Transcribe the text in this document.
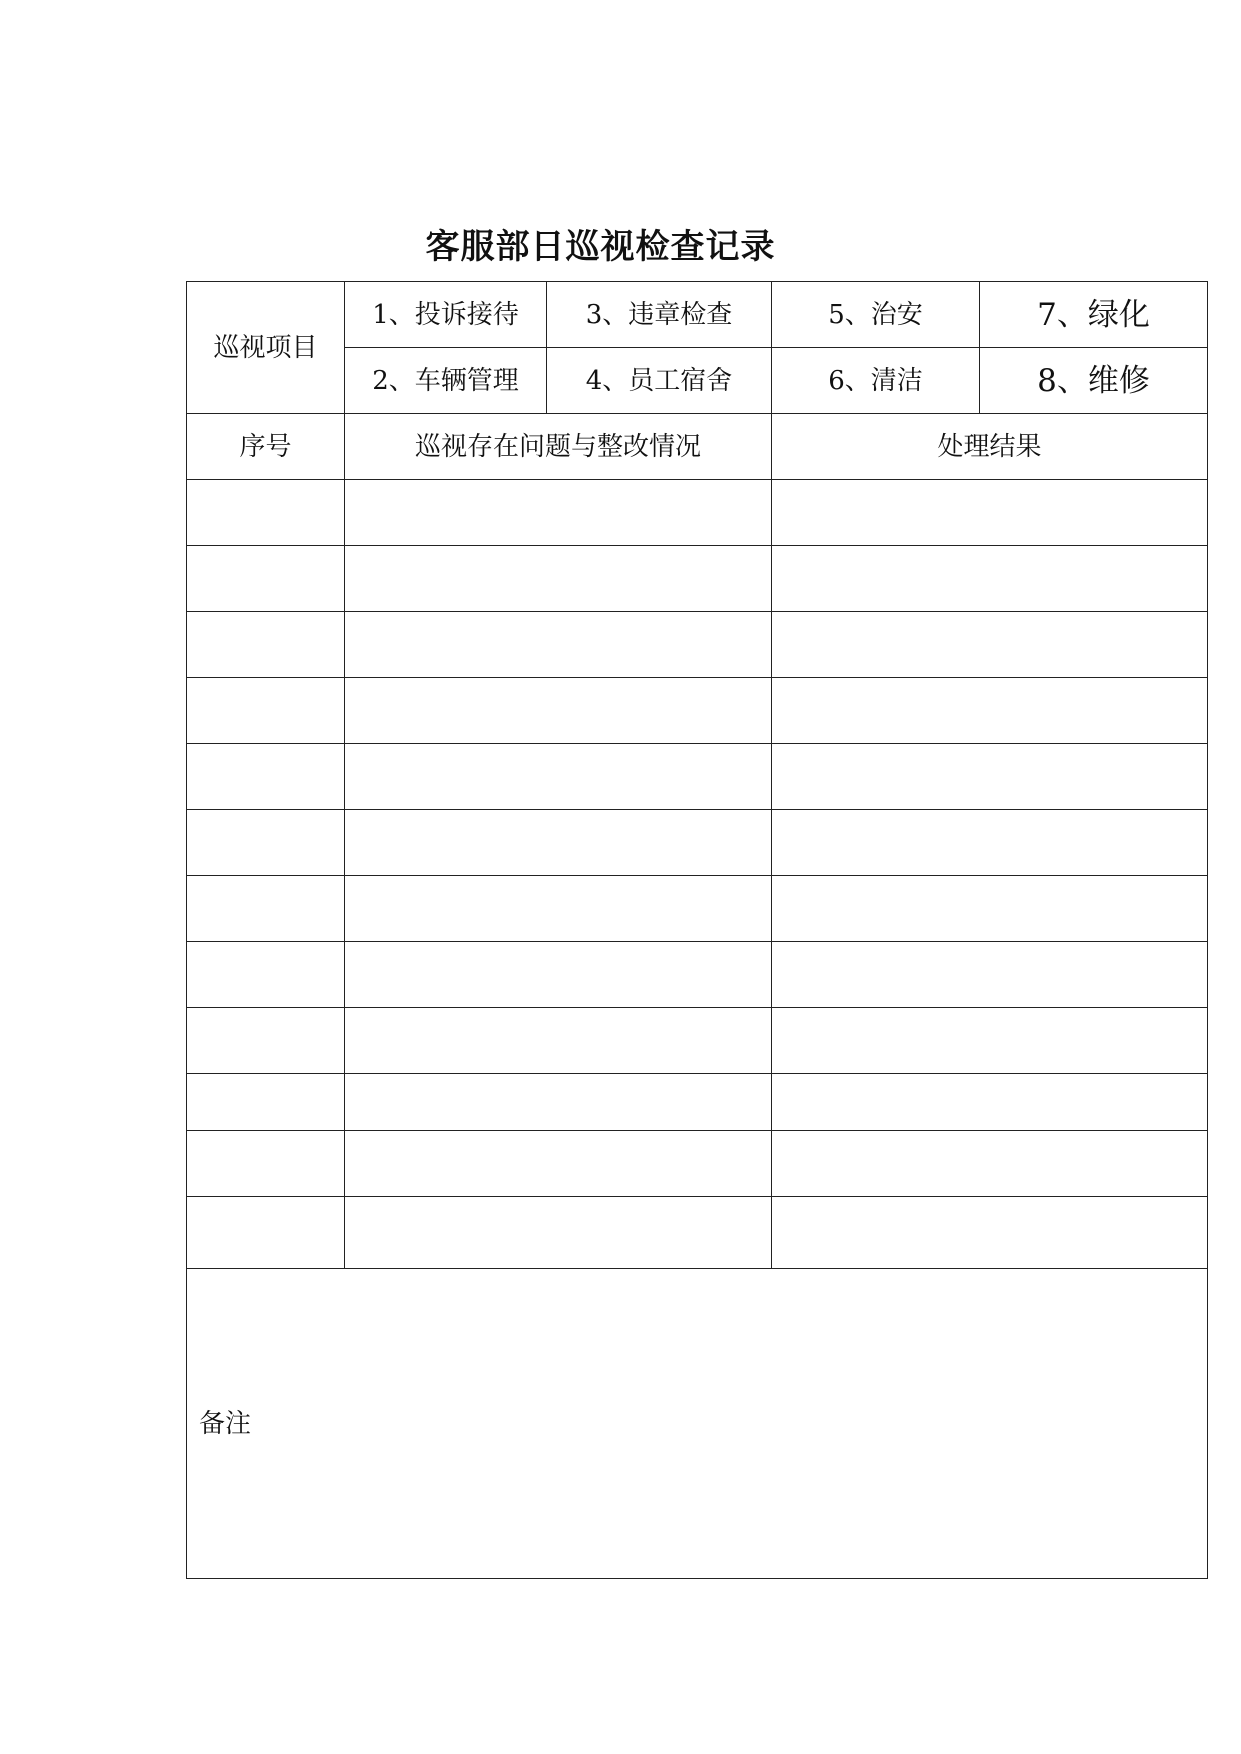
客服部日巡视检查记录
巡视项目	1、投诉接待	3、违章检查	5、治安	7、绿化
	2、车辆管理	4、员工宿舍	6、清洁	8、维修
序号	巡视存在问题与整改情况		处理结果	

备注				
